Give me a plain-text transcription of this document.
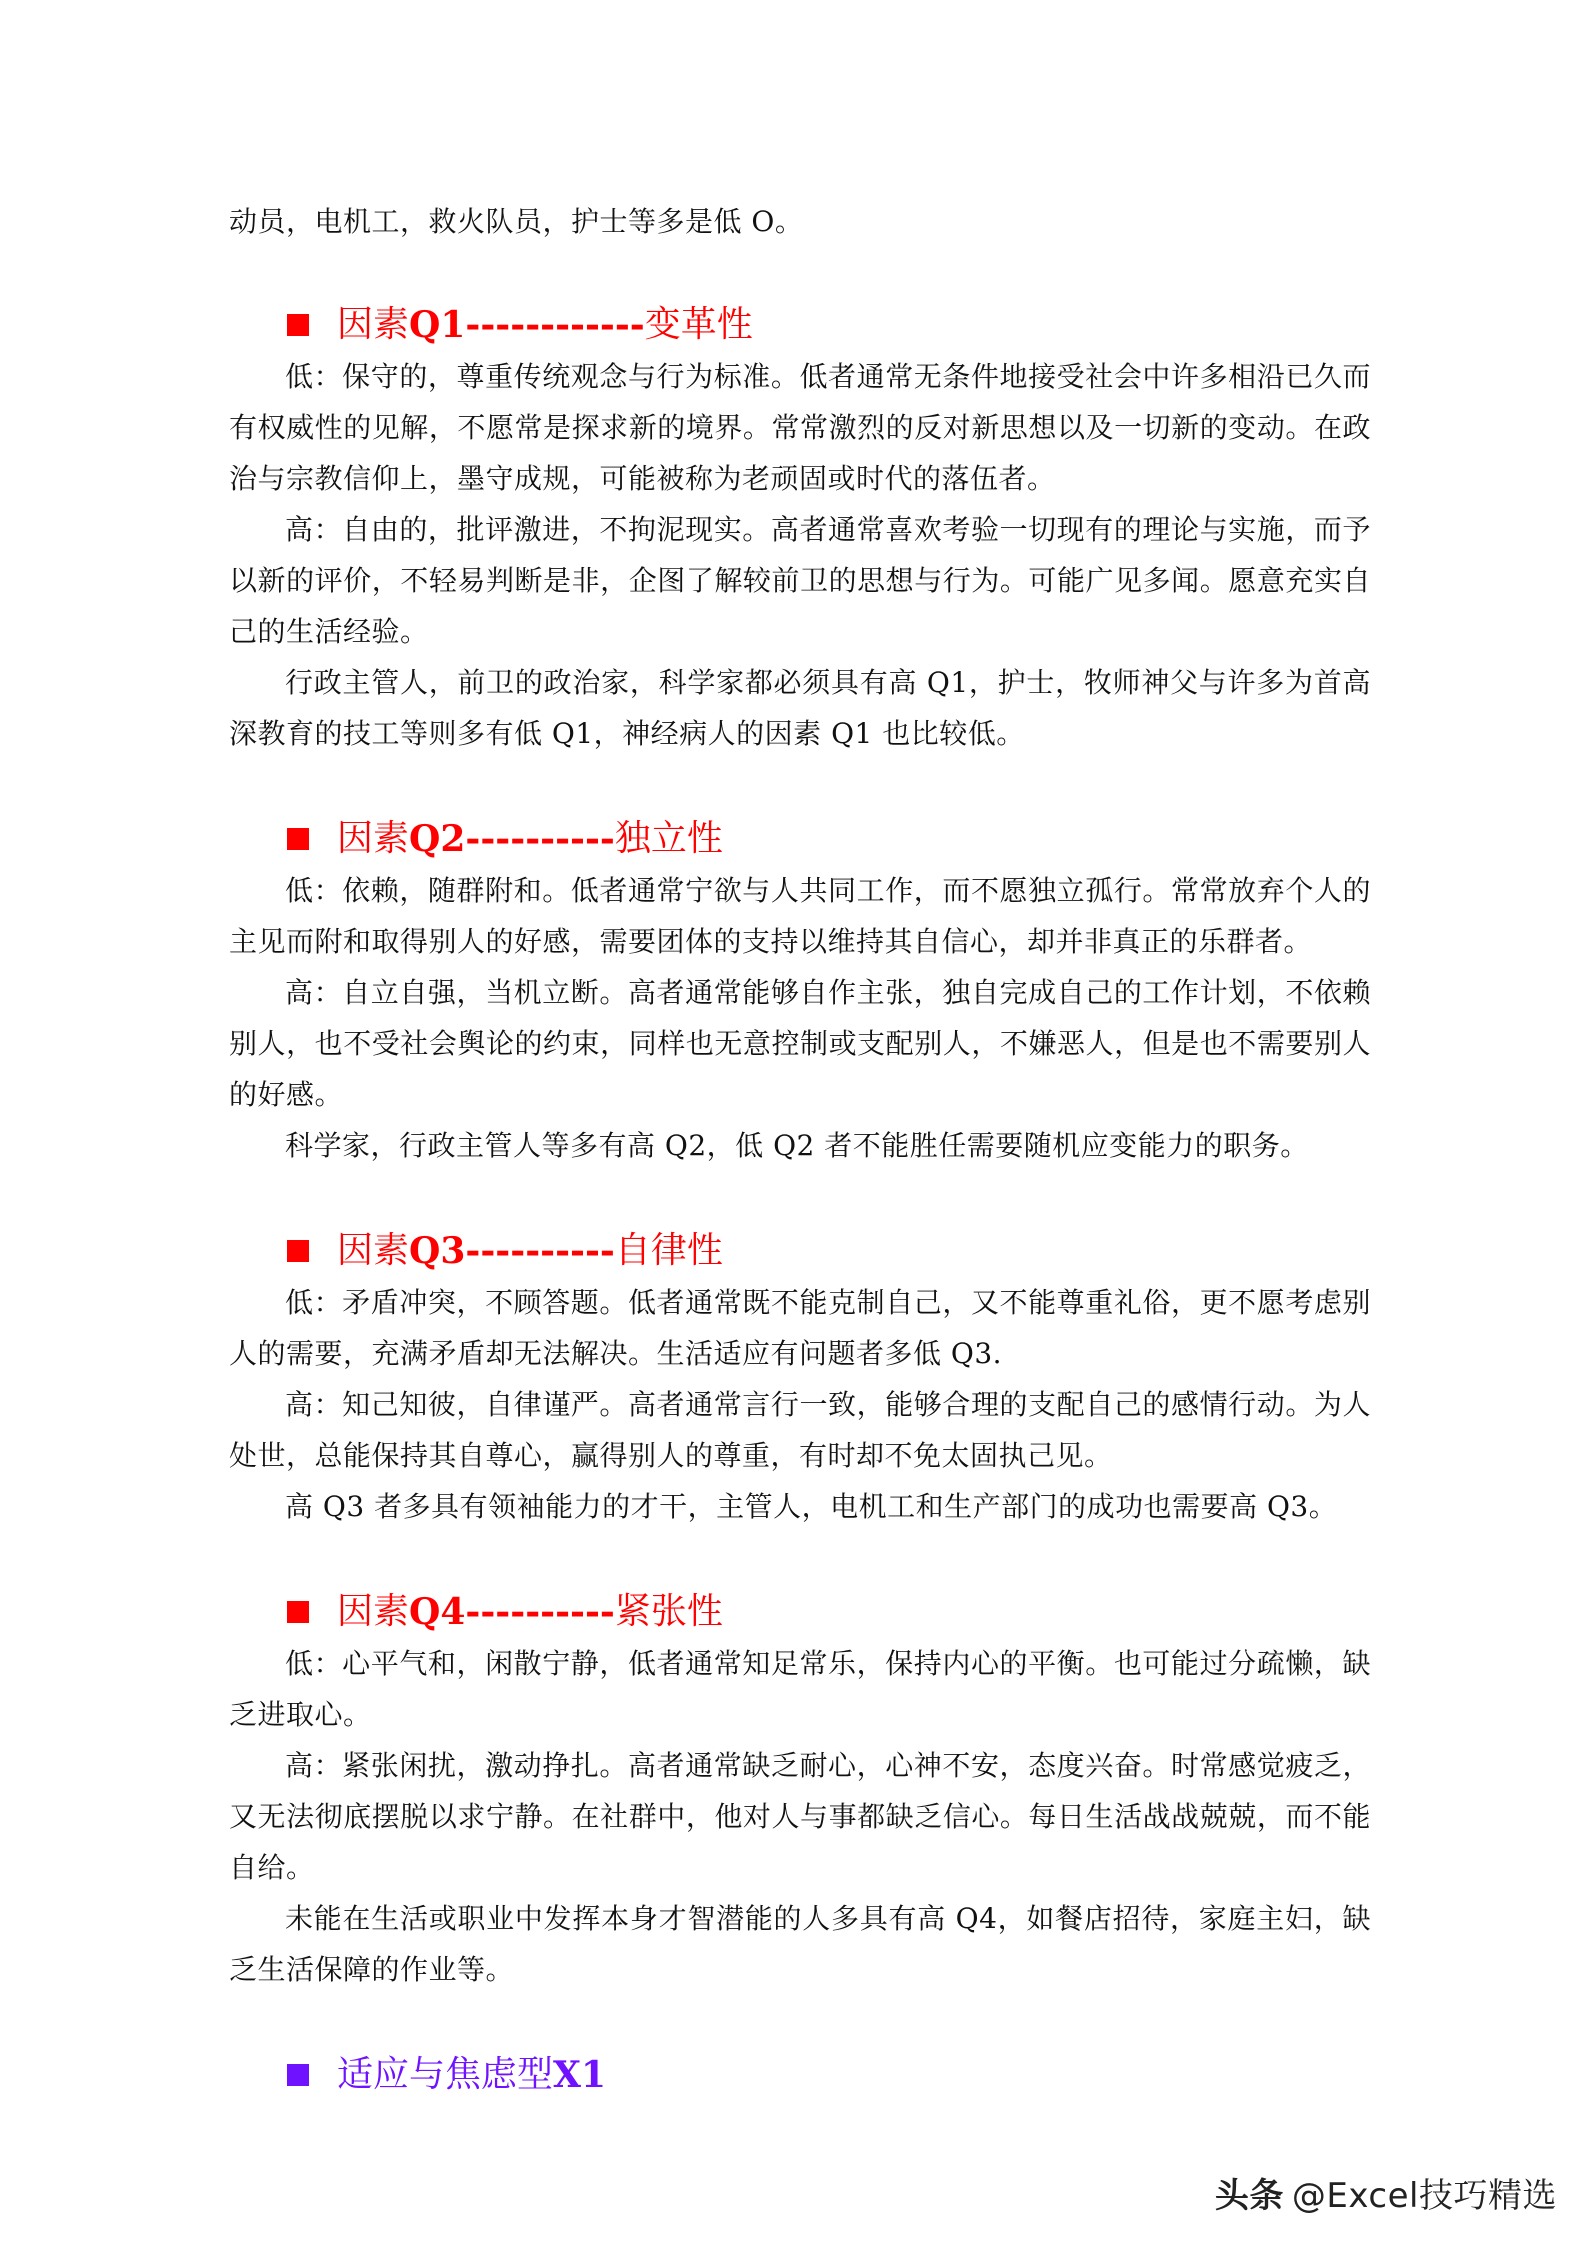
动员，电机工，救火队员，护士等多是低 O。

因素 Q1------------ 变革性

低：保守的，尊重传统观念与行为标准。低者通常无条件地接受社会中许多相沿已久而有权威性的见解，不愿常是探求新的境界。常常激烈的反对新思想以及一切新的变动。在政治与宗教信仰上，墨守成规，可能被称为老顽固或时代的落伍者。

高：自由的，批评激进，不拘泥现实。高者通常喜欢考验一切现有的理论与实施，而予以新的评价，不轻易判断是非，企图了解较前卫的思想与行为。可能广见多闻。愿意充实自己的生活经验。

行政主管人，前卫的政治家，科学家都必须具有高 Q1，护士，牧师神父与许多为首高深教育的技工等则多有低 Q1，神经病人的因素 Q1 也比较低。

因素 Q2---------- 独立性

低：依赖，随群附和。低者通常宁欲与人共同工作，而不愿独立孤行。常常放弃个人的主见而附和取得别人的好感，需要团体的支持以维持其自信心，却并非真正的乐群者。

高：自立自强，当机立断。高者通常能够自作主张，独自完成自己的工作计划，不依赖别人，也不受社会舆论的约束，同样也无意控制或支配别人，不嫌恶人，但是也不需要别人的好感。

科学家，行政主管人等多有高 Q2，低 Q2 者不能胜任需要随机应变能力的职务。

因素 Q3---------- 自律性

低：矛盾冲突，不顾答题。低者通常既不能克制自己，又不能尊重礼俗，更不愿考虑别人的需要，充满矛盾却无法解决。生活适应有问题者多低 Q3.

高：知己知彼，自律谨严。高者通常言行一致，能够合理的支配自己的感情行动。为人处世，总能保持其自尊心，赢得别人的尊重，有时却不免太固执己见。

高 Q3 者多具有领袖能力的才干，主管人，电机工和生产部门的成功也需要高 Q3。

因素 Q4---------- 紧张性

低：心平气和，闲散宁静，低者通常知足常乐，保持内心的平衡。也可能过分疏懒，缺乏进取心。

高：紧张闲扰，激动挣扎。高者通常缺乏耐心，心神不安，态度兴奋。时常感觉疲乏，又无法彻底摆脱以求宁静。在社群中，他对人与事都缺乏信心。每日生活战战兢兢，而不能自给。

未能在生活或职业中发挥本身才智潜能的人多具有高 Q4，如餐店招待，家庭主妇，缺乏生活保障的作业等。

适应与焦虑型 X1
头条 @Excel技巧精选
